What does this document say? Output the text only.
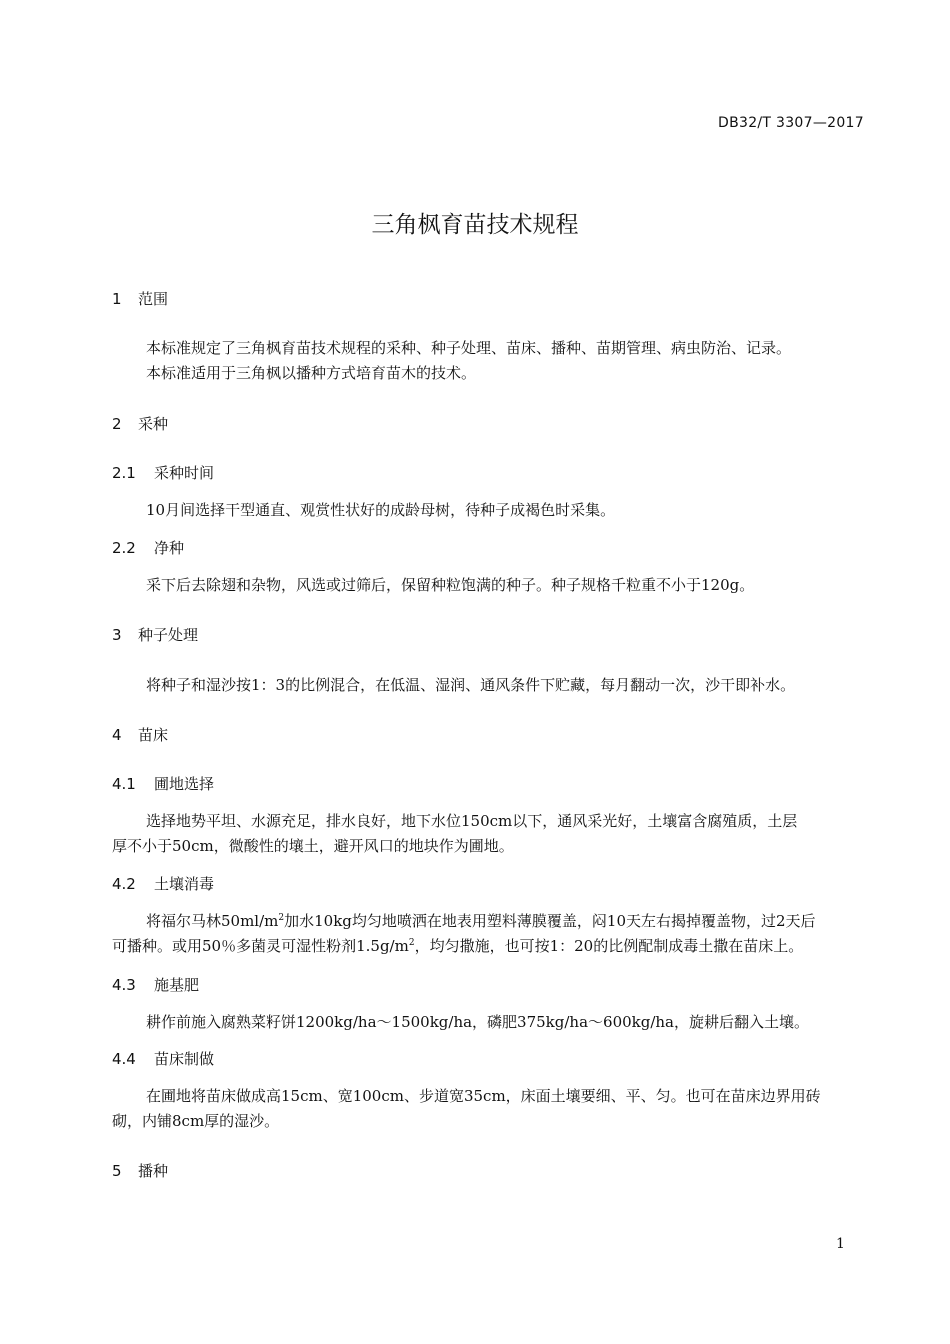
DB32/T 3307—2017
三角枫育苗技术规程
1 范围
本标准规定了三角枫育苗技术规程的采种、种子处理、苗床、播种、苗期管理、病虫防治、记录。
本标准适用于三角枫以播种方式培育苗木的技术。
2 采种
2.1 采种时间
10月间选择干型通直、观赏性状好的成龄母树，待种子成褐色时采集。
2.2 净种
采下后去除翅和杂物，风选或过筛后，保留种粒饱满的种子。种子规格千粒重不小于120g。
3 种子处理
将种子和湿沙按1：3的比例混合，在低温、湿润、通风条件下贮藏，每月翻动一次，沙干即补水。
4 苗床
4.1 圃地选择
选择地势平坦、水源充足，排水良好，地下水位150cm以下，通风采光好，土壤富含腐殖质，土层
厚不小于50cm，微酸性的壤土，避开风口的地块作为圃地。
4.2 土壤消毒
将福尔马林$50ml/m^2$加水10kg均匀地喷洒在地表用塑料薄膜覆盖，闷10天左右揭掉覆盖物，过2天后
可播种。或用50％多菌灵可湿性粉剂$1.5g/m^2$，均匀撒施，也可按1：20的比例配制成毒土撒在苗床上。
4.3 施基肥
耕作前施入腐熟菜籽饼1200kg/ha～1500kg/ha，磷肥375kg/ha～600kg/ha，旋耕后翻入土壤。
4.4 苗床制做
在圃地将苗床做成高15cm、宽100cm、步道宽35cm，床面土壤要细、平、匀。也可在苗床边界用砖
砌，内铺8cm厚的湿沙。
5 播种
1
